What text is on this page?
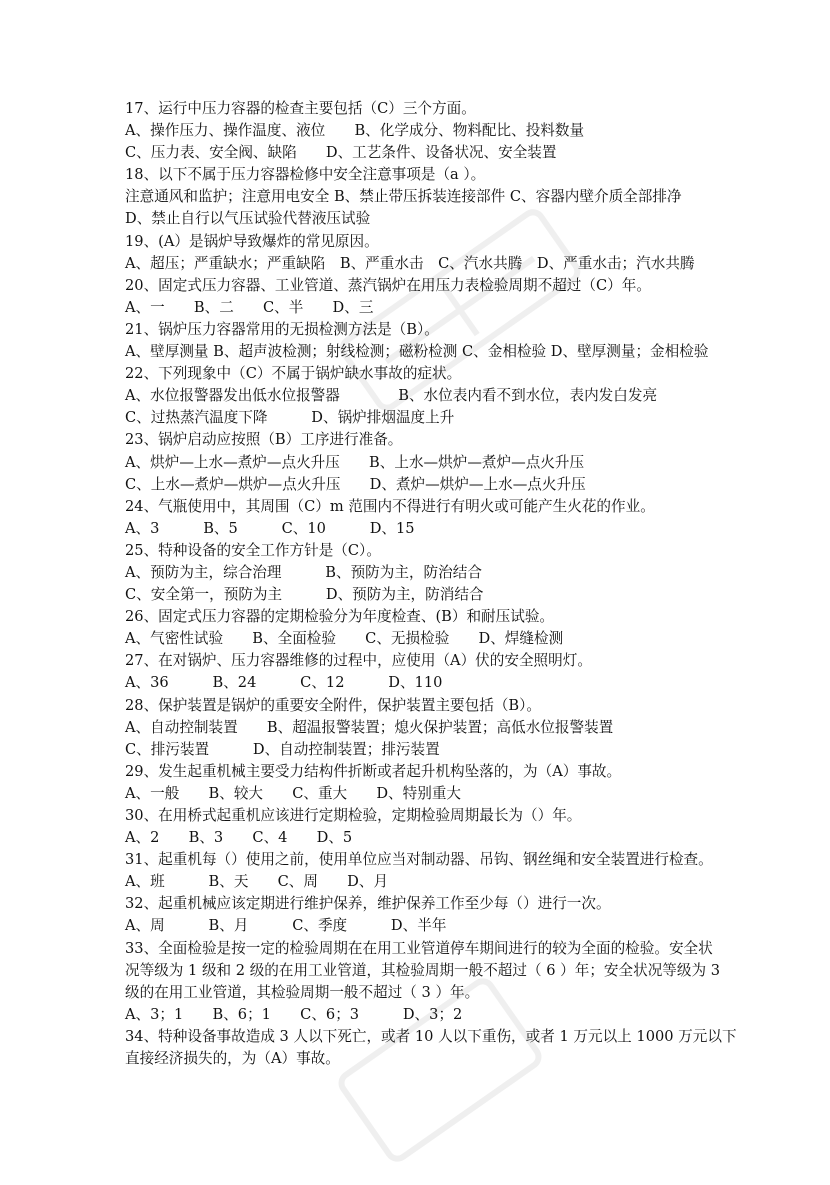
17、运行中压力容器的检查主要包括（C）三个方面。
A、操作压力、操作温度、液位　　B、化学成分、物料配比、投料数量
C、压力表、安全阀、缺陷　　D、工艺条件、设备状况、安全装置
18、以下不属于压力容器检修中安全注意事项是（a ）。
注意通风和监护；注意用电安全 B、禁止带压拆装连接部件 C、容器内壁介质全部排净
D、禁止自行以气压试验代替液压试验
19、(A）是锅炉导致爆炸的常见原因。
A、超压；严重缺水；严重缺陷　B、严重水击　C、汽水共腾　D、严重水击；汽水共腾
20、固定式压力容器、工业管道、蒸汽锅炉在用压力表检验周期不超过（C）年。
A、一　　B、二　　C、半　　D、三
21、锅炉压力容器常用的无损检测方法是（B）。
A、壁厚测量 B、超声波检测；射线检测；磁粉检测 C、金相检验 D、壁厚测量；金相检验
22、下列现象中（C）不属于锅炉缺水事故的症状。
A、水位报警器发出低水位报警器　　　　B、水位表内看不到水位，表内发白发亮
C、过热蒸汽温度下降　　　D、锅炉排烟温度上升
23、锅炉启动应按照（B）工序进行准备。
A、烘炉—上水—煮炉—点火升压　　B、上水—烘炉—煮炉—点火升压
C、上水—煮炉—烘炉—点火升压　　D、煮炉—烘炉—上水—点火升压
24、气瓶使用中，其周围（C）m 范围内不得进行有明火或可能产生火花的作业。
A、3　　　B、5　　　C、10　　　D、15
25、特种设备的安全工作方针是（C）。
A、预防为主，综合治理　　　B、预防为主，防治结合
C、安全第一，预防为主　　　D、预防为主，防消结合
26、固定式压力容器的定期检验分为年度检查、(B）和耐压试验。
A、气密性试验　　B、全面检验　　C、无损检验　　D、焊缝检测
27、在对锅炉、压力容器维修的过程中，应使用（A）伏的安全照明灯。
A、36　　　B、24　　　C、12　　　D、110
28、保护装置是锅炉的重要安全附件，保护装置主要包括（B）。
A、自动控制装置　　B、超温报警装置；熄火保护装置；高低水位报警装置
C、排污装置　　　D、自动控制装置；排污装置
29、发生起重机械主要受力结构件折断或者起升机构坠落的，为（A）事故。
A、一般　　B、较大　　C、重大　　D、特别重大
30、在用桥式起重机应该进行定期检验，定期检验周期最长为（）年。
A、2　　B、3　　C、4　　D、5
31、起重机每（）使用之前，使用单位应当对制动器、吊钩、钢丝绳和安全装置进行检查。
A、班　　　B、天　　C、周　　D、月
32、起重机械应该定期进行维护保养，维护保养工作至少每（）进行一次。
A、周　　　B、月　　　C、季度　　　D、半年
33、全面检验是按一定的检验周期在在用工业管道停车期间进行的较为全面的检验。安全状
况等级为 1 级和 2 级的在用工业管道，其检验周期一般不超过（ 6 ）年；安全状况等级为 3
级的在用工业管道，其检验周期一般不超过（ 3 ）年。
A、3；1　　B、6；1　　C、6；3　　　D、3；2
34、特种设备事故造成 3 人以下死亡，或者 10 人以下重伤，或者 1 万元以上 1000 万元以下
直接经济损失的，为（A）事故。
